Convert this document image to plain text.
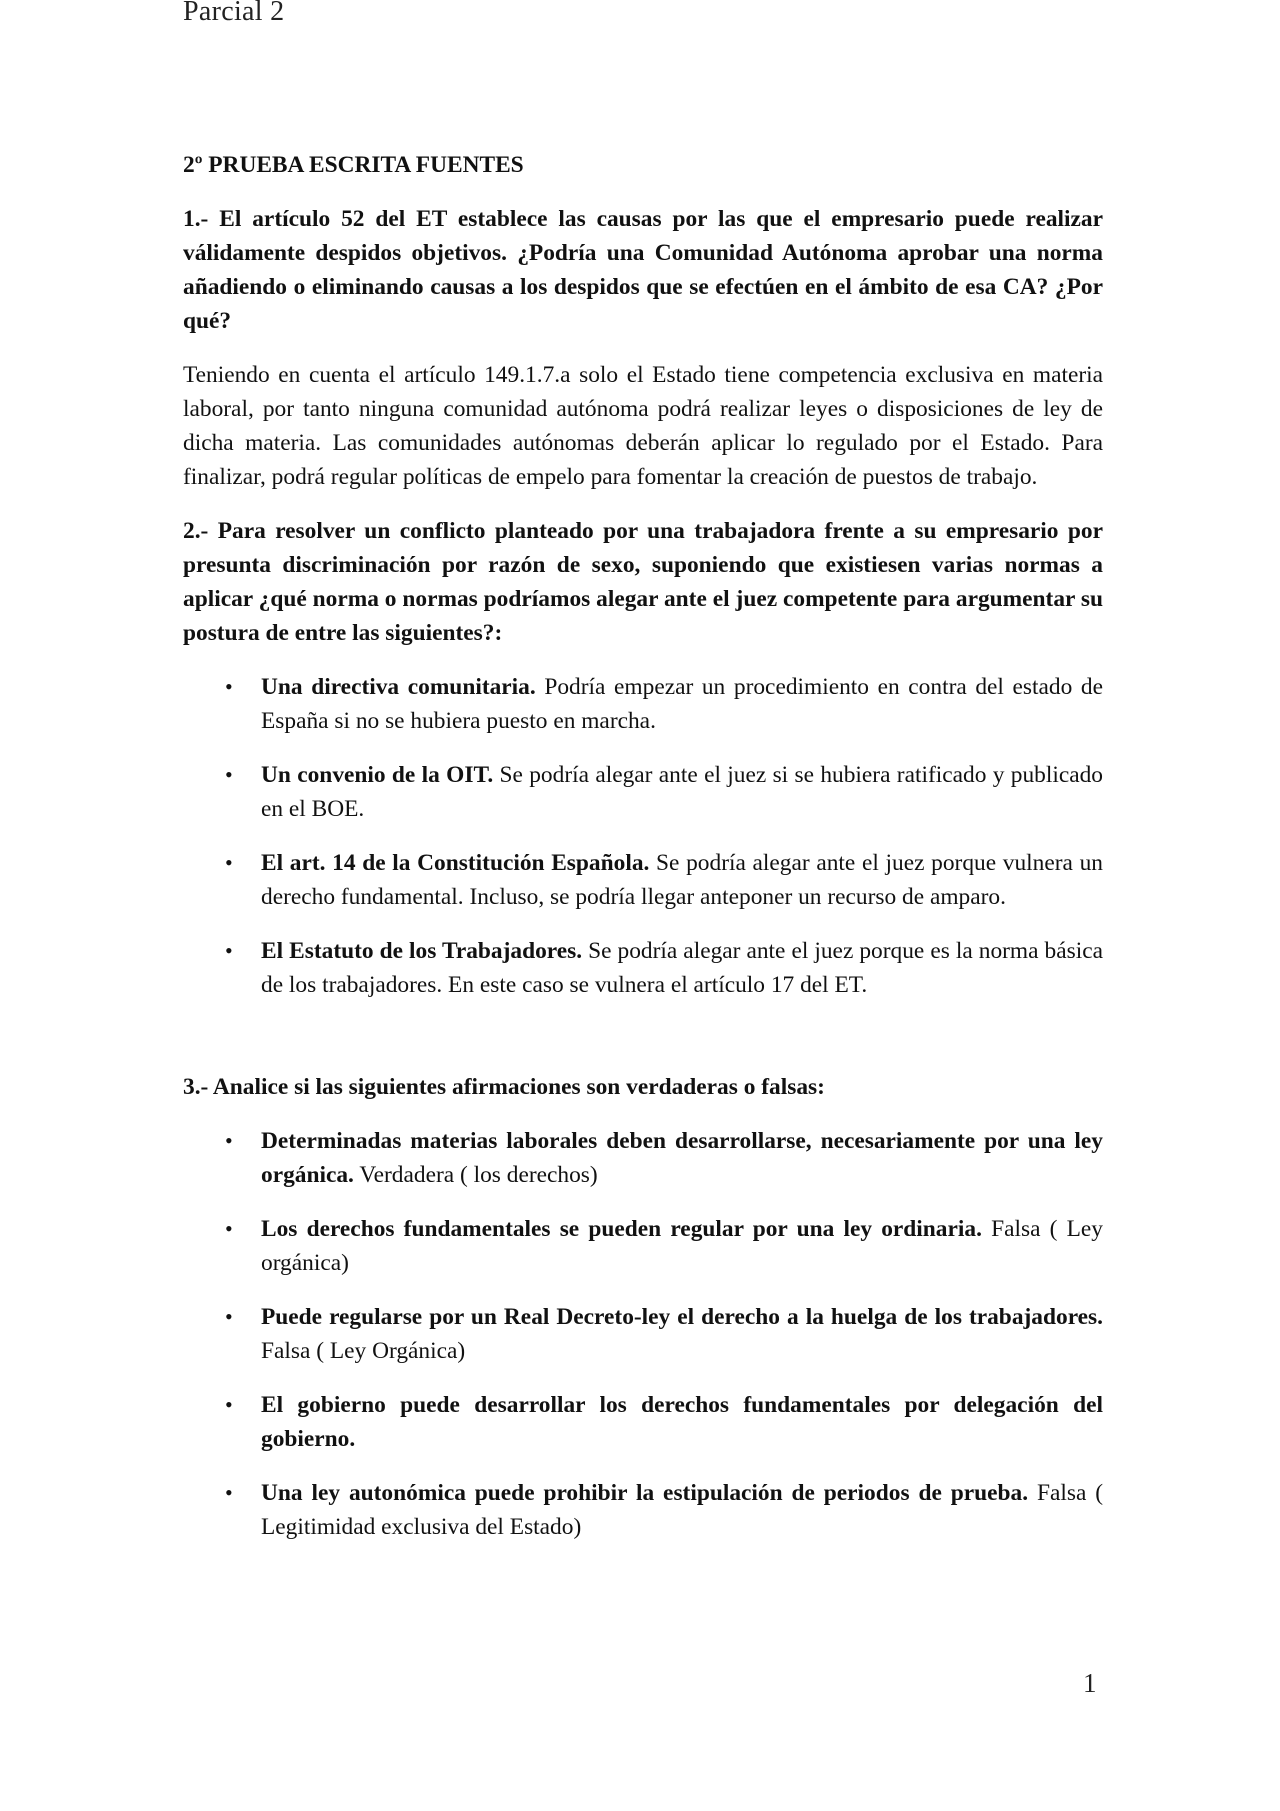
Parcial 2
2º PRUEBA ESCRITA FUENTES
1.- El artículo 52 del ET establece las causas por las que el empresario puede realizar válidamente despidos objetivos. ¿Podría una Comunidad Autónoma aprobar una norma añadiendo o eliminando causas a los despidos que se efectúen en el ámbito de esa CA? ¿Por qué?
Teniendo en cuenta el artículo 149.1.7.a solo el Estado tiene competencia exclusiva en materia laboral, por tanto ninguna comunidad autónoma podrá realizar leyes o disposiciones de ley de dicha materia. Las comunidades autónomas deberán aplicar lo regulado por el Estado. Para finalizar, podrá regular políticas de empelo para fomentar la creación de puestos de trabajo.
2.- Para resolver un conflicto planteado por una trabajadora frente a su empresario por presunta discriminación por razón de sexo, suponiendo que existiesen varias normas a aplicar ¿qué norma o normas podríamos alegar ante el juez competente para argumentar su postura de entre las siguientes?:
• Una directiva comunitaria. Podría empezar un procedimiento en contra del estado de España si no se hubiera puesto en marcha.
• Un convenio de la OIT. Se podría alegar ante el juez si se hubiera ratificado y publicado en el BOE.
• El art. 14 de la Constitución Española. Se podría alegar ante el juez porque vulnera un derecho fundamental. Incluso, se podría llegar anteponer un recurso de amparo.
• El Estatuto de los Trabajadores. Se podría alegar ante el juez porque es la norma básica de los trabajadores. En este caso se vulnera el artículo 17 del ET.
3.- Analice si las siguientes afirmaciones son verdaderas o falsas:
• Determinadas materias laborales deben desarrollarse, necesariamente por una ley orgánica. Verdadera ( los derechos)
• Los derechos fundamentales se pueden regular por una ley ordinaria. Falsa ( Ley orgánica)
• Puede regularse por un Real Decreto-ley el derecho a la huelga de los trabajadores. Falsa ( Ley Orgánica)
• El gobierno puede desarrollar los derechos fundamentales por delegación del gobierno.
• Una ley autonómica puede prohibir la estipulación de periodos de prueba. Falsa ( Legitimidad exclusiva del Estado)
1
